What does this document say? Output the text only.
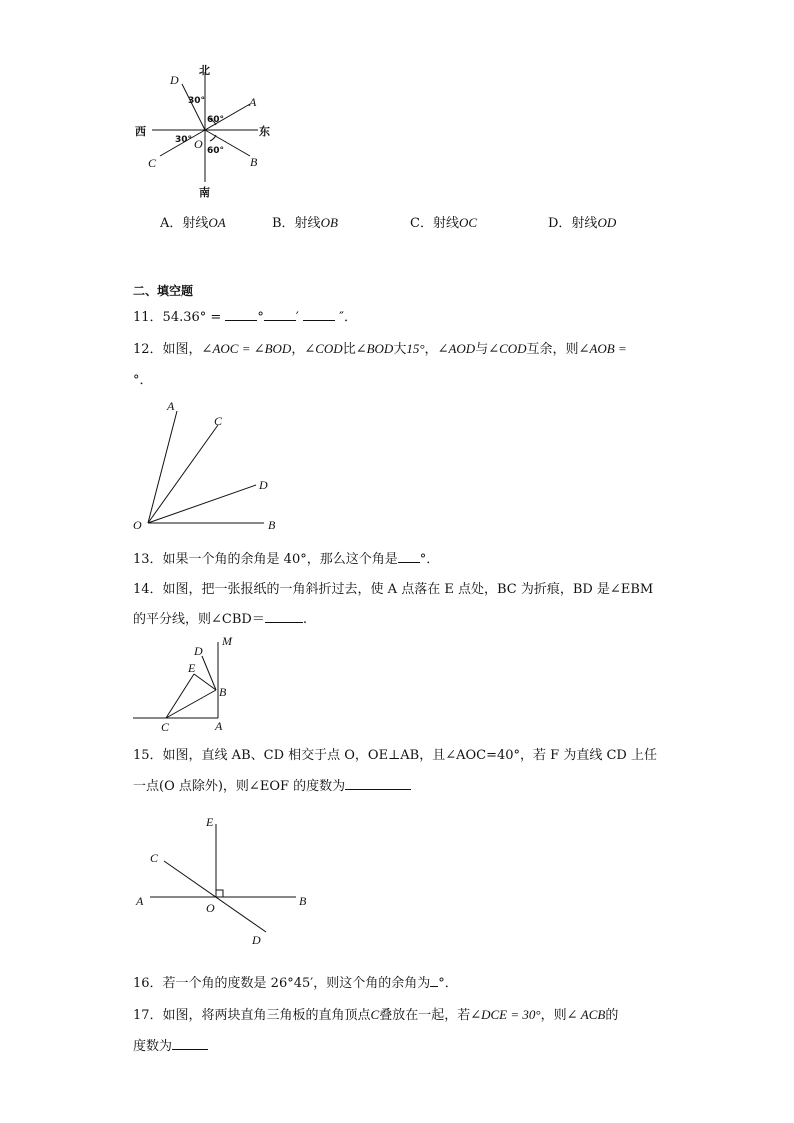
北
南
西	东
D
A
C	B
O
30°
60°
30°
60°
A．射线OA	B．射线OB	C．射线OC	D．射线OD
二、填空题
11．54.36° = ° ′	″．
12．如图，∠AOC = ∠BOD，∠COD比∠BOD大15°，∠AOD与∠COD互余，则∠AOB =
°．
A
C
D
O	B
13．如果一个角的余角是 40°，那么这个角是 °．
14．如图，把一张报纸的一角斜折过去，使 A 点落在 E 点处，BC 为折痕，BD 是∠EBM
的平分线，则∠CBD＝	.
M
D
E
B
C	A
15．如图，直线 AB、CD 相交于点 O，OE⊥AB，且∠AOC=40°，若 F 为直线 CD 上任
一点(O 点除外)，则∠EOF 的度数为
E
C
A	O	B
D
16．若一个角的度数是 26°45′，则这个角的余角为 °．
17．如图，将两块直角三角板的直角顶点C叠放在一起，若∠DCE = 30°，则∠ ACB的
度数为
